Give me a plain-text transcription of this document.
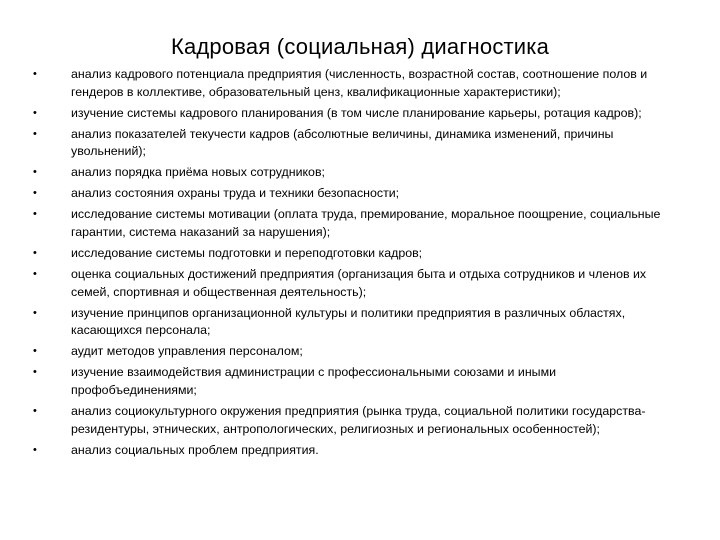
Кадровая (социальная) диагностика
•	анализ кадрового потенциала предприятия (численность, возрастной состав, соотношение полов и гендеров в коллективе, образовательный ценз, квалификационные характеристики);
•	изучение системы кадрового планирования (в том числе планирование карьеры, ротация кадров);
•	анализ показателей текучести кадров (абсолютные величины, динамика изменений, причины увольнений);
•	анализ порядка приёма новых сотрудников;
•	анализ состояния охраны труда и техники безопасности;
•	исследование системы мотивации (оплата труда, премирование, моральное поощрение, социальные гарантии, система наказаний за нарушения);
•	исследование системы подготовки и переподготовки кадров;
•	оценка социальных достижений предприятия (организация быта и отдыха сотрудников и членов их семей, спортивная и общественная деятельность);
•	изучение принципов организационной культуры и политики предприятия в различных областях, касающихся персонала;
•	аудит методов управления персоналом;
•	изучение взаимодействия администрации с профессиональными союзами и иными профобъединениями;
•	анализ социокультурного окружения предприятия (рынка труда, социальной политики государства-резидентуры, этнических, антропологических, религиозных и региональных особенностей);
•	анализ социальных проблем предприятия.
